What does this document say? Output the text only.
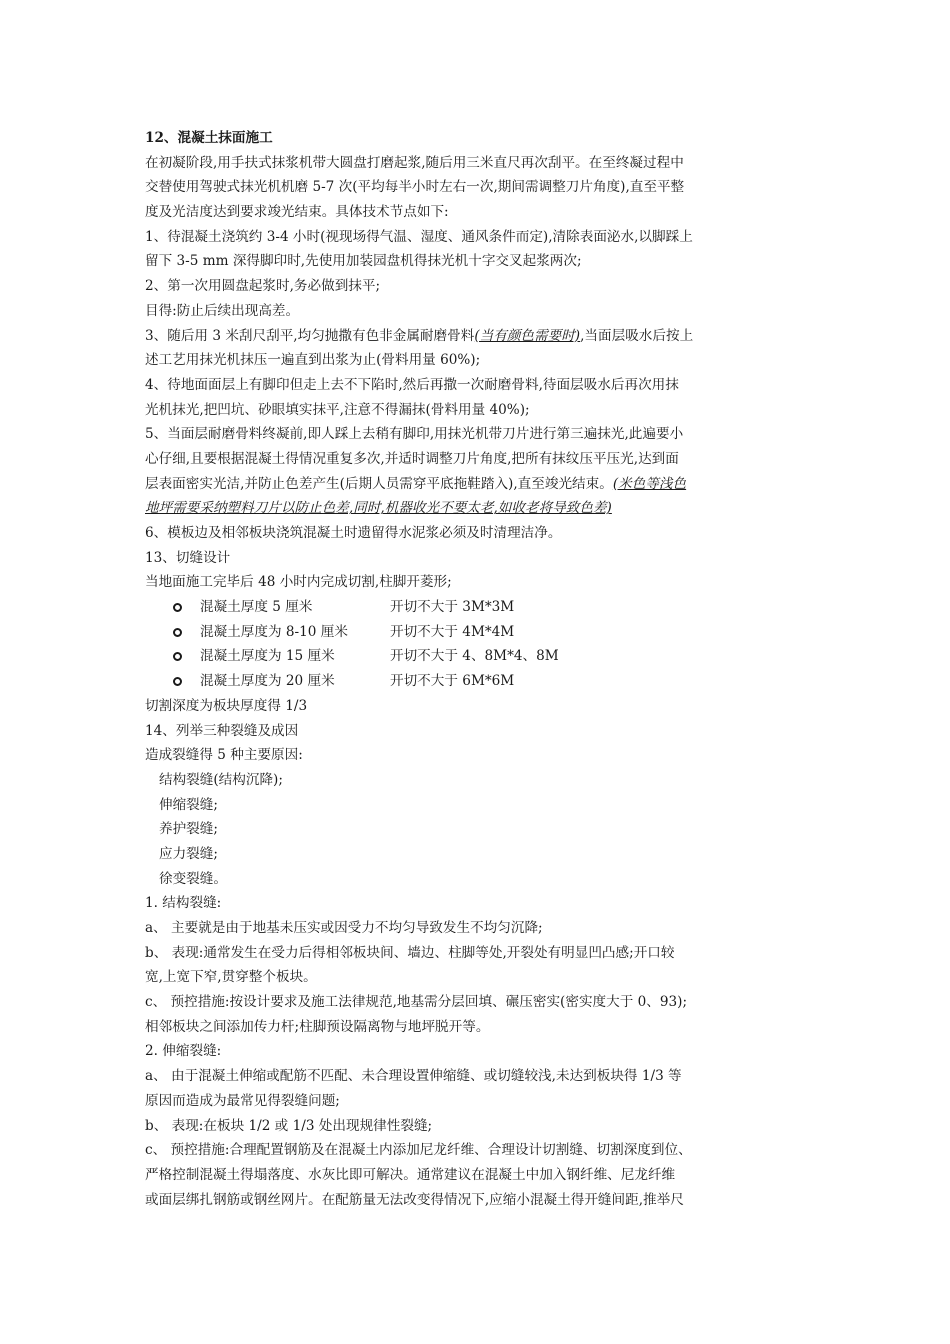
12、混凝土抹面施工
在初凝阶段,用手扶式抹浆机带大圆盘打磨起浆,随后用三米直尺再次刮平。在至终凝过程中
交替使用驾驶式抹光机机磨 5-7 次(平均每半小时左右一次,期间需调整刀片角度),直至平整
度及光洁度达到要求竣光结束。具体技术节点如下:
1、待混凝土浇筑约 3-4 小时(视现场得气温、湿度、通风条件而定),清除表面泌水,以脚踩上
留下 3-5 mm 深得脚印时,先使用加装园盘机得抹光机十字交叉起浆两次;
2、第一次用圆盘起浆时,务必做到抹平;
目得:防止后续出现高差。
3、随后用 3 米刮尺刮平,均匀抛撒有色非金属耐磨骨料(当有颜色需要时),当面层吸水后按上
述工艺用抹光机抹压一遍直到出浆为止(骨料用量 60%);
4、待地面面层上有脚印但走上去不下陷时,然后再撒一次耐磨骨料,待面层吸水后再次用抹
光机抹光,把凹坑、砂眼填实抹平,注意不得漏抹(骨料用量 40%);
5、当面层耐磨骨料终凝前,即人踩上去稍有脚印,用抹光机带刀片进行第三遍抹光,此遍要小
心仔细,且要根据混凝土得情况重复多次,并适时调整刀片角度,把所有抹纹压平压光,达到面
层表面密实光洁,并防止色差产生(后期人员需穿平底拖鞋踏入),直至竣光结束。(米色等浅色
地坪需要采纳塑料刀片以防止色差,同时,机器收光不要太老,如收老将导致色差)
6、模板边及相邻板块浇筑混凝土时遗留得水泥浆必须及时清理洁净。
13、切缝设计
当地面施工完毕后 48 小时内完成切割,柱脚开菱形;
混凝土厚度 5 厘米	开切不大于 3M*3M
混凝土厚度为 8-10 厘米	开切不大于 4M*4M
混凝土厚度为 15 厘米	开切不大于 4、8M*4、8M
混凝土厚度为 20 厘米	开切不大于 6M*6M
切割深度为板块厚度得 1/3
14、列举三种裂缝及成因
造成裂缝得 5 种主要原因:
结构裂缝(结构沉降);
伸缩裂缝;
养护裂缝;
应力裂缝;
徐变裂缝。
1. 结构裂缝:
a、 主要就是由于地基未压实或因受力不均匀导致发生不均匀沉降;
b、 表现:通常发生在受力后得相邻板块间、墙边、柱脚等处,开裂处有明显凹凸感;开口较
宽,上宽下窄,贯穿整个板块。
c、 预控措施:按设计要求及施工法律规范,地基需分层回填、碾压密实(密实度大于 0、93);
相邻板块之间添加传力杆;柱脚预设隔离物与地坪脱开等。
2. 伸缩裂缝:
a、 由于混凝土伸缩或配筋不匹配、未合理设置伸缩缝、或切缝较浅,未达到板块得 1/3 等
原因而造成为最常见得裂缝问题;
b、 表现:在板块 1/2 或 1/3 处出现规律性裂缝;
c、 预控措施:合理配置钢筋及在混凝土内添加尼龙纤维、合理设计切割缝、切割深度到位、
严格控制混凝土得塌落度、水灰比即可解决。通常建议在混凝土中加入钢纤维、尼龙纤维
或面层绑扎钢筋或钢丝网片。在配筋量无法改变得情况下,应缩小混凝土得开缝间距,推举尺
